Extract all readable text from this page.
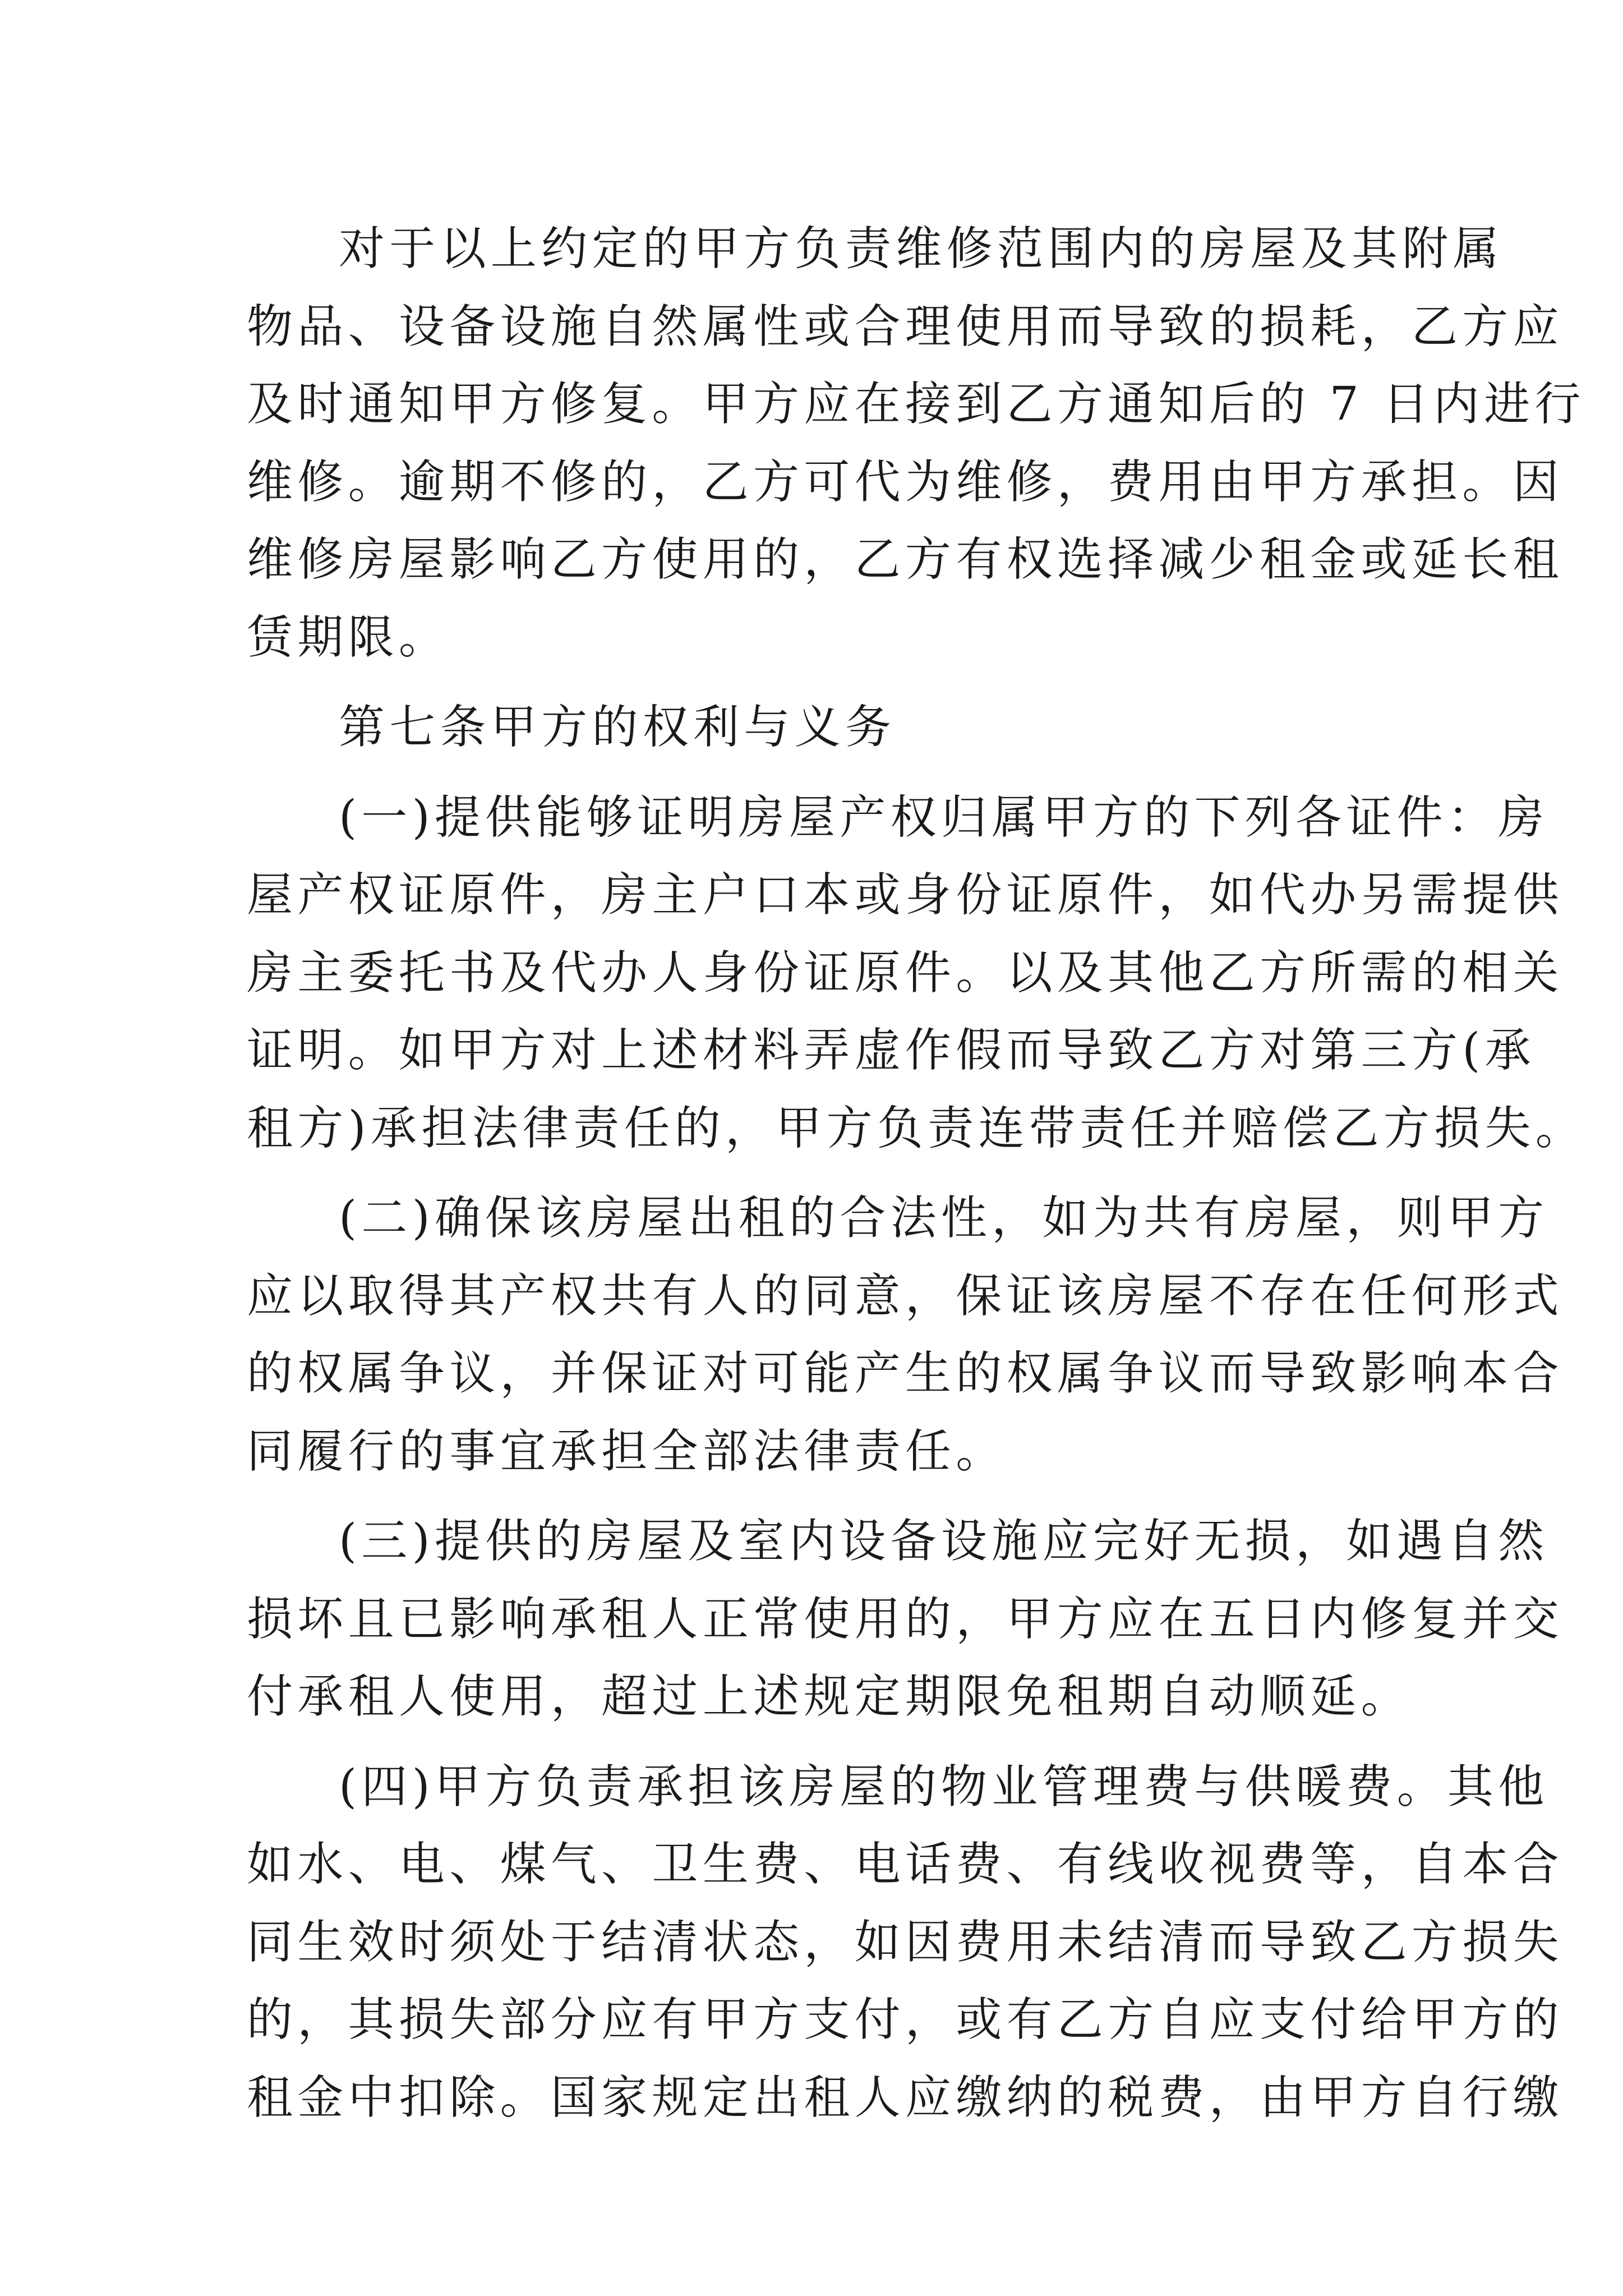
对于以上约定的甲方负责维修范围内的房屋及其附属
物品、设备设施自然属性或合理使用而导致的损耗，乙方应
及时通知甲方修复。甲方应在接到乙方通知后的 7 日内进行
维修。逾期不修的，乙方可代为维修，费用由甲方承担。因
维修房屋影响乙方使用的，乙方有权选择减少租金或延长租
赁期限。
第七条甲方的权利与义务
(一)提供能够证明房屋产权归属甲方的下列各证件：房
屋产权证原件，房主户口本或身份证原件，如代办另需提供
房主委托书及代办人身份证原件。以及其他乙方所需的相关
证明。如甲方对上述材料弄虚作假而导致乙方对第三方(承
租方)承担法律责任的，甲方负责连带责任并赔偿乙方损失。
(二)确保该房屋出租的合法性，如为共有房屋，则甲方
应以取得其产权共有人的同意，保证该房屋不存在任何形式
的权属争议，并保证对可能产生的权属争议而导致影响本合
同履行的事宜承担全部法律责任。
(三)提供的房屋及室内设备设施应完好无损，如遇自然
损坏且已影响承租人正常使用的，甲方应在五日内修复并交
付承租人使用，超过上述规定期限免租期自动顺延。
(四)甲方负责承担该房屋的物业管理费与供暖费。其他
如水、电、煤气、卫生费、电话费、有线收视费等，自本合
同生效时须处于结清状态，如因费用未结清而导致乙方损失
的，其损失部分应有甲方支付，或有乙方自应支付给甲方的
租金中扣除。国家规定出租人应缴纳的税费，由甲方自行缴
